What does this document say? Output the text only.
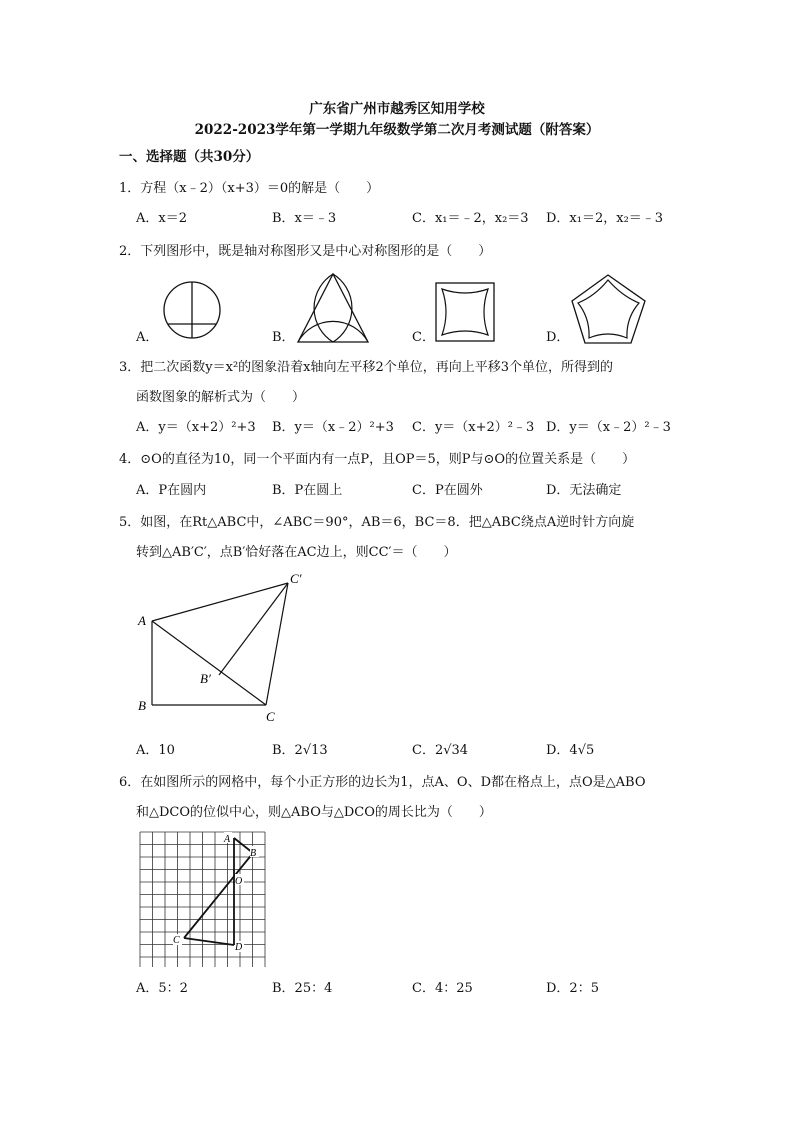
广东省广州市越秀区知用学校
2022-2023学年第一学期九年级数学第二次月考测试题（附答案）
一、选择题（共30分）
1．方程（x﹣2）（x+3）＝0的解是（　　）
A．x＝2	B．x＝﹣3	C．x₁＝﹣2，x₂＝3 D．x₁＝2，x₂＝﹣3
2．下列图形中，既是轴对称图形又是中心对称图形的是（　　）
A．	B．	C．	D．
3．把二次函数y＝x²的图象沿着x轴向左平移2个单位，再向上平移3个单位，所得到的
函数图象的解析式为（　　）
A．y＝（x+2）²+3 B．y＝（x﹣2）²+3 C．y＝（x+2）²﹣3 D．y＝（x﹣2）²﹣3
4．⊙O的直径为10，同一个平面内有一点P，且OP＝5，则P与⊙O的位置关系是（　　）
A．P在圆内	B．P在圆上	C．P在圆外	D．无法确定
5．如图，在Rt△ABC中，∠ABC＝90°，AB＝6，BC＝8．把△ABC绕点A逆时针方向旋
转到△AB′C′，点B′恰好落在AC边上，则CC′＝（　　）
A
B
C
B′
C′
A．10	B．2√13	C．2√34	D．4√5
6．在如图所示的网格中，每个小正方形的边长为1，点A、O、D都在格点上，点O是△ABO
和△DCO的位似中心，则△ABO与△DCO的周长比为（　　）
A
B
O
C
D
A．5：2	B．25：4	C．4：25	D．2：5
